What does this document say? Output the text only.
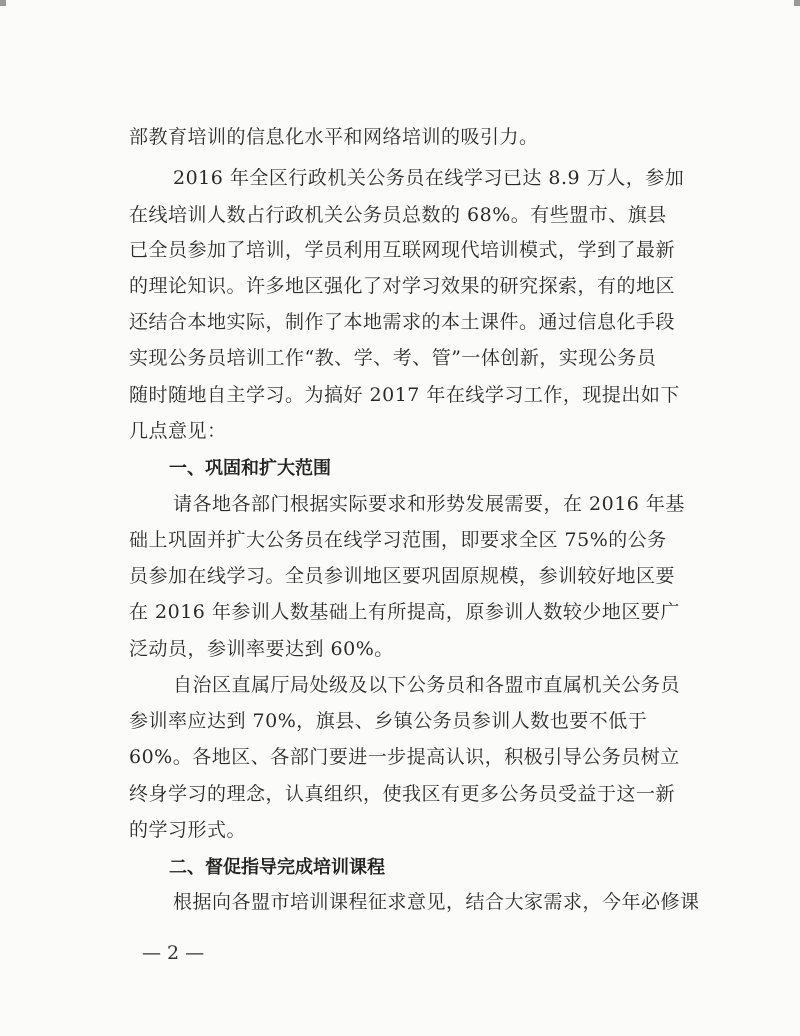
部教育培训的信息化水平和网络培训的吸引力。
2016 年全区行政机关公务员在线学习已达 8.9 万人，参加
在线培训人数占行政机关公务员总数的 68%。有些盟市、旗县
已全员参加了培训，学员利用互联网现代培训模式，学到了最新
的理论知识。许多地区强化了对学习效果的研究探索，有的地区
还结合本地实际，制作了本地需求的本土课件。通过信息化手段
实现公务员培训工作“教、学、考、管”一体创新，实现公务员
随时随地自主学习。为搞好 2017 年在线学习工作，现提出如下
几点意见：
一、巩固和扩大范围
请各地各部门根据实际要求和形势发展需要，在 2016 年基
础上巩固并扩大公务员在线学习范围，即要求全区 75%的公务
员参加在线学习。全员参训地区要巩固原规模，参训较好地区要
在 2016 年参训人数基础上有所提高，原参训人数较少地区要广
泛动员，参训率要达到 60%。
自治区直属厅局处级及以下公务员和各盟市直属机关公务员
参训率应达到 70%，旗县、乡镇公务员参训人数也要不低于
60%。各地区、各部门要进一步提高认识，积极引导公务员树立
终身学习的理念，认真组织，使我区有更多公务员受益于这一新
的学习形式。
二、督促指导完成培训课程
根据向各盟市培训课程征求意见，结合大家需求，今年必修课
— 2 —
